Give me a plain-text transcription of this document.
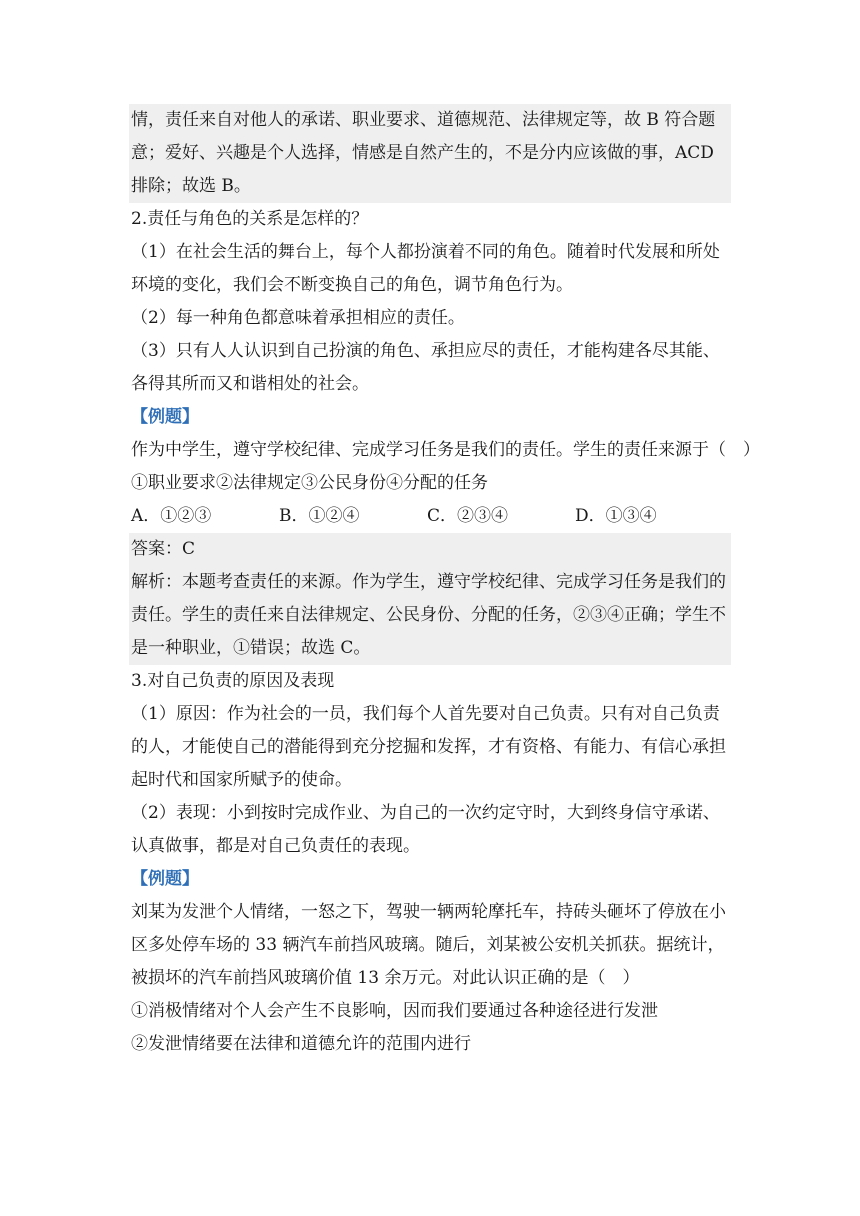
情，责任来自对他人的承诺、职业要求、道德规范、法律规定等，故 B 符合题
意；爱好、兴趣是个人选择，情感是自然产生的，不是分内应该做的事，ACD
排除；故选 B。
2.责任与角色的关系是怎样的？
（1）在社会生活的舞台上，每个人都扮演着不同的角色。随着时代发展和所处
环境的变化，我们会不断变换自己的角色，调节角色行为。
（2）每一种角色都意味着承担相应的责任。
（3）只有人人认识到自己扮演的角色、承担应尽的责任，才能构建各尽其能、
各得其所而又和谐相处的社会。
【例题】
作为中学生，遵守学校纪律、完成学习任务是我们的责任。学生的责任来源于（　）
①职业要求②法律规定③公民身份④分配的任务
A．①②③	B．①②④	C．②③④	D．①③④
答案：C
解析：本题考查责任的来源。作为学生，遵守学校纪律、完成学习任务是我们的
责任。学生的责任来自法律规定、公民身份、分配的任务，②③④正确；学生不
是一种职业，①错误；故选 C。
3.对自己负责的原因及表现
（1）原因：作为社会的一员，我们每个人首先要对自己负责。只有对自己负责
的人，才能使自己的潜能得到充分挖掘和发挥，才有资格、有能力、有信心承担
起时代和国家所赋予的使命。
（2）表现：小到按时完成作业、为自己的一次约定守时，大到终身信守承诺、
认真做事，都是对自己负责任的表现。
【例题】
刘某为发泄个人情绪，一怒之下，驾驶一辆两轮摩托车，持砖头砸坏了停放在小
区多处停车场的 33 辆汽车前挡风玻璃。随后，刘某被公安机关抓获。据统计，
被损坏的汽车前挡风玻璃价值 13 余万元。对此认识正确的是（　）
①消极情绪对个人会产生不良影响，因而我们要通过各种途径进行发泄
②发泄情绪要在法律和道德允许的范围内进行
